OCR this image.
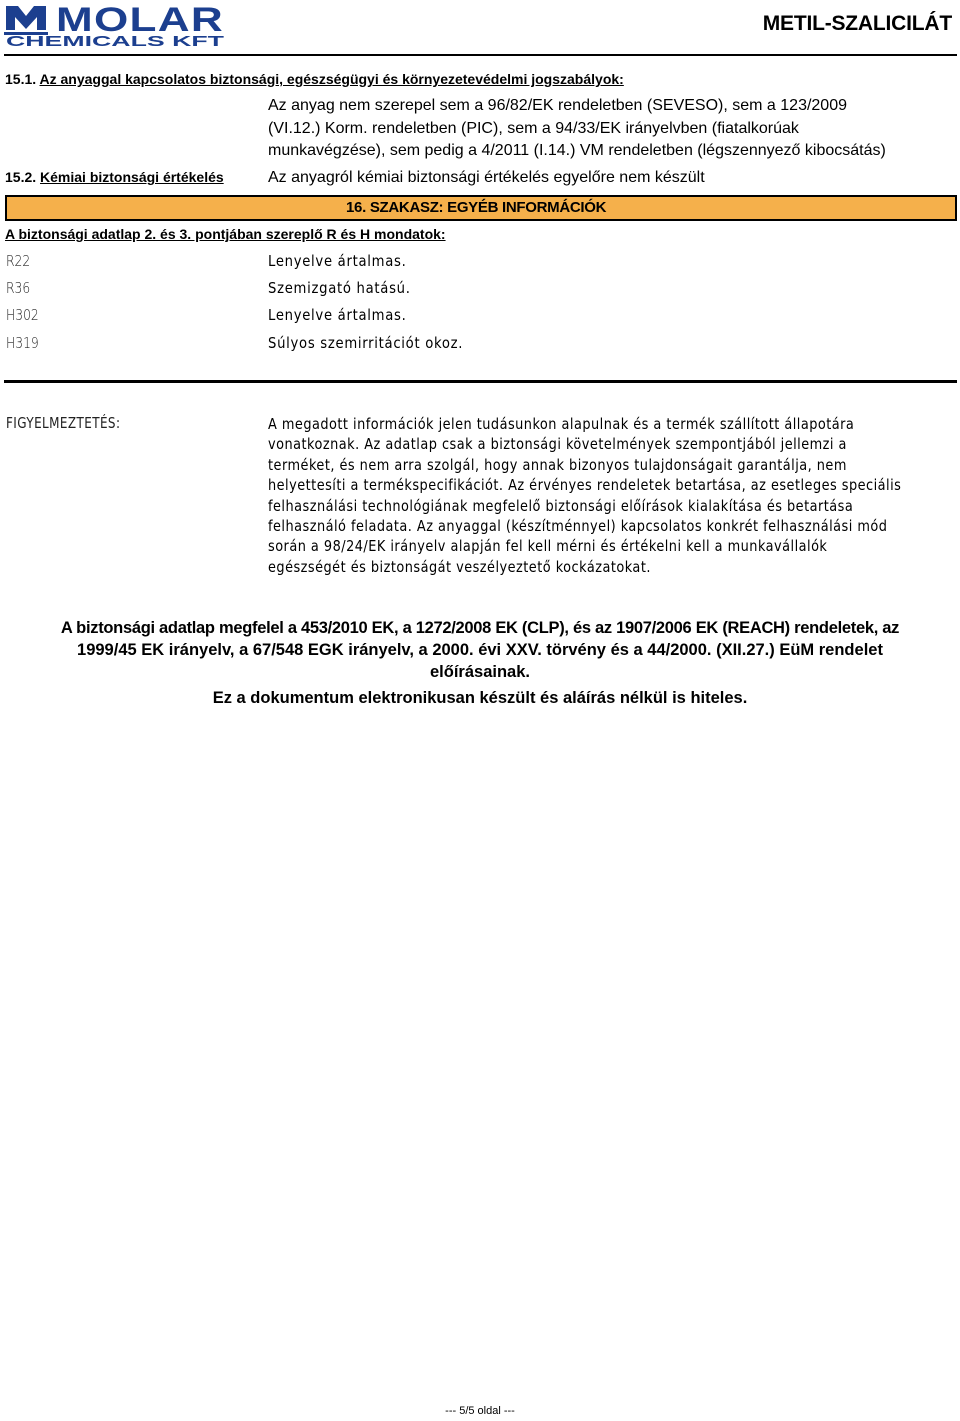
MOLAR
CHEMICALS KFT
METIL-SZALICILÁT
15.1. Az anyaggal kapcsolatos biztonsági, egészségügyi és környezetevédelmi jogszabályok:
Az anyag nem szerepel sem a 96/82/EK rendeletben (SEVESO), sem a 123/2009
(VI.12.) Korm. rendeletben (PIC), sem a 94/33/EK irányelvben (fiatalkorúak
munkavégzése), sem pedig a 4/2011 (I.14.) VM rendeletben (légszennyező kibocsátás)
15.2. Kémiai biztonsági értékelés	Az anyagról kémiai biztonsági értékelés egyelőre nem készült
16. SZAKASZ: EGYÉB INFORMÁCIÓK
A biztonsági adatlap 2. és 3. pontjában szereplő R és H mondatok:
R22	Lenyelve ártalmas.
R36	Szemizgató hatású.
H302	Lenyelve ártalmas.
H319	Súlyos szemirritációt okoz.
FIGYELMEZTETÉS:	A megadott információk jelen tudásunkon alapulnak és a termék szállított állapotára
vonatkoznak. Az adatlap csak a biztonsági követelmények szempontjából jellemzi a
terméket, és nem arra szolgál, hogy annak bizonyos tulajdonságait garantálja, nem
helyettesíti a termékspecifikációt. Az érvényes rendeletek betartása, az esetleges speciális
felhasználási technológiának megfelelő biztonsági előírások kialakítása és betartása
felhasználó feladata. Az anyaggal (készítménnyel) kapcsolatos konkrét felhasználási mód
során a 98/24/EK irányelv alapján fel kell mérni és értékelni kell a munkavállalók
egészségét és biztonságát veszélyeztető kockázatokat.
A biztonsági adatlap megfelel a 453/2010 EK, a 1272/2008 EK (CLP), és az 1907/2006 EK (REACH) rendeletek, az
1999/45 EK irányelv, a 67/548 EGK irányelv, a 2000. évi XXV. törvény és a 44/2000. (XII.27.) EüM rendelet
előírásainak.
Ez a dokumentum elektronikusan készült és aláírás nélkül is hiteles.
--- 5/5 oldal ---
